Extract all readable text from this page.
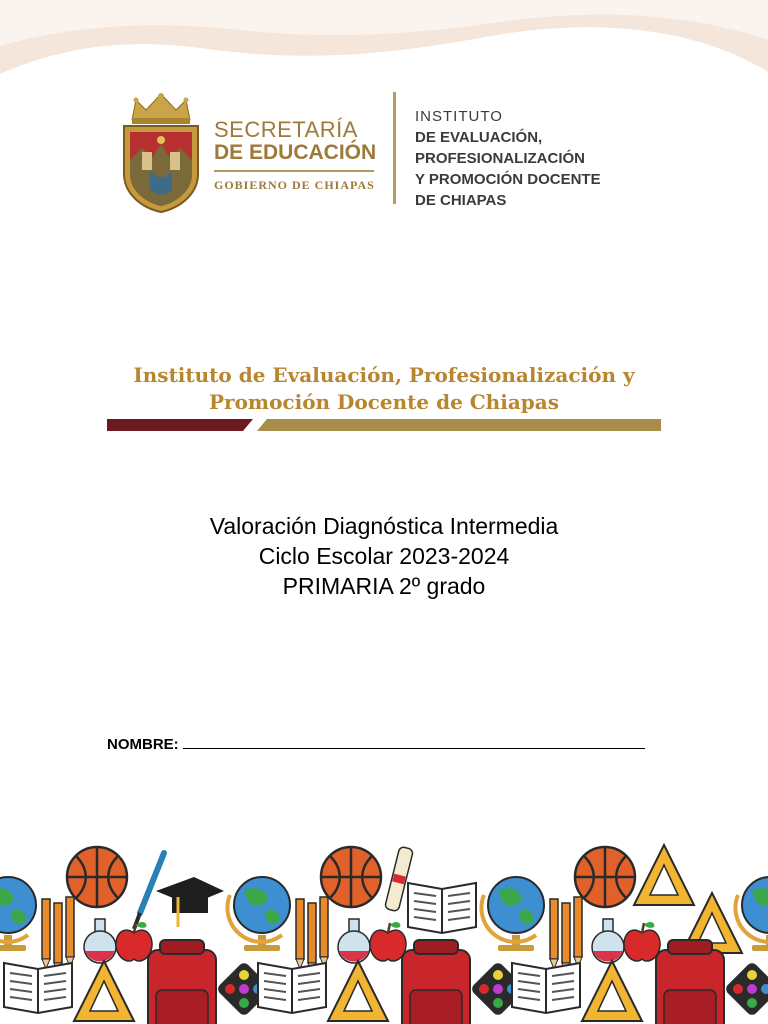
SECRETARÍA
DE EDUCACIÓN
GOBIERNO DE CHIAPAS
INSTITUTO
DE EVALUACIÓN,
PROFESIONALIZACIÓN
Y PROMOCIÓN DOCENTE
DE CHIAPAS
Instituto de Evaluación, Profesionalización y
Promoción Docente de Chiapas
Valoración Diagnóstica Intermedia
Ciclo Escolar 2023-2024
PRIMARIA 2º grado
NOMBRE:
